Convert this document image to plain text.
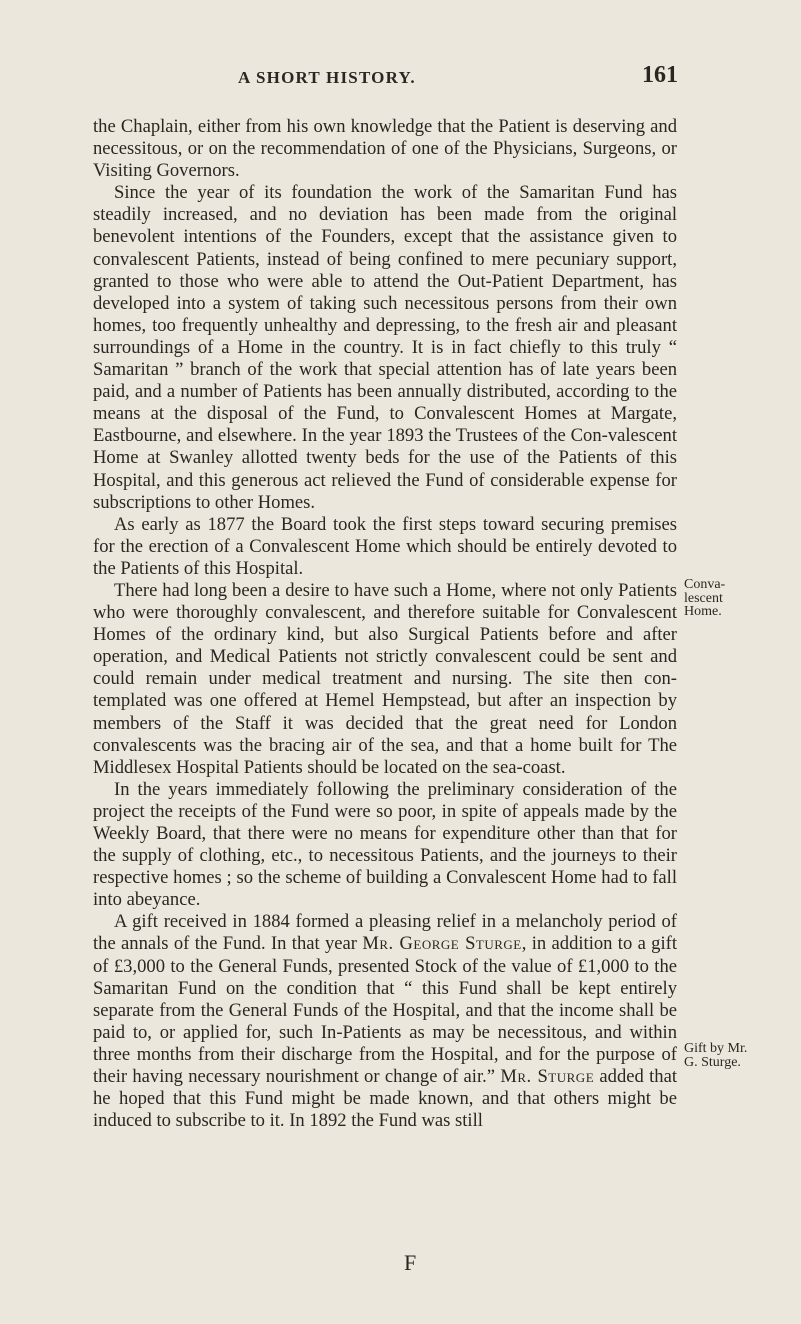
A SHORT HISTORY.	161

the Chaplain, either from his own knowledge that the Patient is deserving and necessitous, or on the recommendation of one of the Physicians, Surgeons, or Visiting Governors.

Since the year of its foundation the work of the Samaritan Fund has steadily increased, and no deviation has been made from the original benevolent intentions of the Founders, except that the assistance given to convalescent Patients, instead of being confined to mere pecuniary support, granted to those who were able to attend the Out-Patient Department, has developed into a system of taking such necessitous persons from their own homes, too frequently unhealthy and depressing, to the fresh air and pleasant surroundings of a Home in the country. It is in fact chiefly to this truly “ Samaritan ” branch of the work that special attention has of late years been paid, and a number of Patients has been annually distributed, according to the means at the disposal of the Fund, to Convalescent Homes at Margate, Eastbourne, and elsewhere. In the year 1893 the Trustees of the Con-valescent Home at Swanley allotted twenty beds for the use of the Patients of this Hospital, and this generous act relieved the Fund of considerable expense for subscriptions to other Homes.

As early as 1877 the Board took the first steps toward securing premises for the erection of a Convalescent Home which should be entirely devoted to the Patients of this Hospital.

There had long been a desire to have such a Home, where not only Patients who were thoroughly convalescent, and therefore suitable for Convalescent Homes of the ordinary kind, but also Surgical Patients before and after operation, and Medical Patients not strictly convalescent could be sent and could remain under medical treatment and nursing. The site then con-templated was one offered at Hemel Hempstead, but after an inspection by members of the Staff it was decided that the great need for London convalescents was the bracing air of the sea, and that a home built for The Middlesex Hospital Patients should be located on the sea-coast.

In the years immediately following the preliminary consideration of the project the receipts of the Fund were so poor, in spite of appeals made by the Weekly Board, that there were no means for expenditure other than that for the supply of clothing, etc., to necessitous Patients, and the journeys to their respective homes ; so the scheme of building a Convalescent Home had to fall into abeyance.

A gift received in 1884 formed a pleasing relief in a melancholy period of the annals of the Fund. In that year Mr. George Sturge, in addition to a gift of £3,000 to the General Funds, presented Stock of the value of £1,000 to the Samaritan Fund on the condition that “ this Fund shall be kept entirely separate from the General Funds of the Hospital, and that the income shall be paid to, or applied for, such In-Patients as may be necessitous, and within three months from their discharge from the Hospital, and for the purpose of their having necessary nourishment or change of air.” Mr. Sturge added that he hoped that this Fund might be made known, and that others might be induced to subscribe to it. In 1892 the Fund was still

Conva-
lescent
Home.
Gift by Mr.
G. Sturge.
F
